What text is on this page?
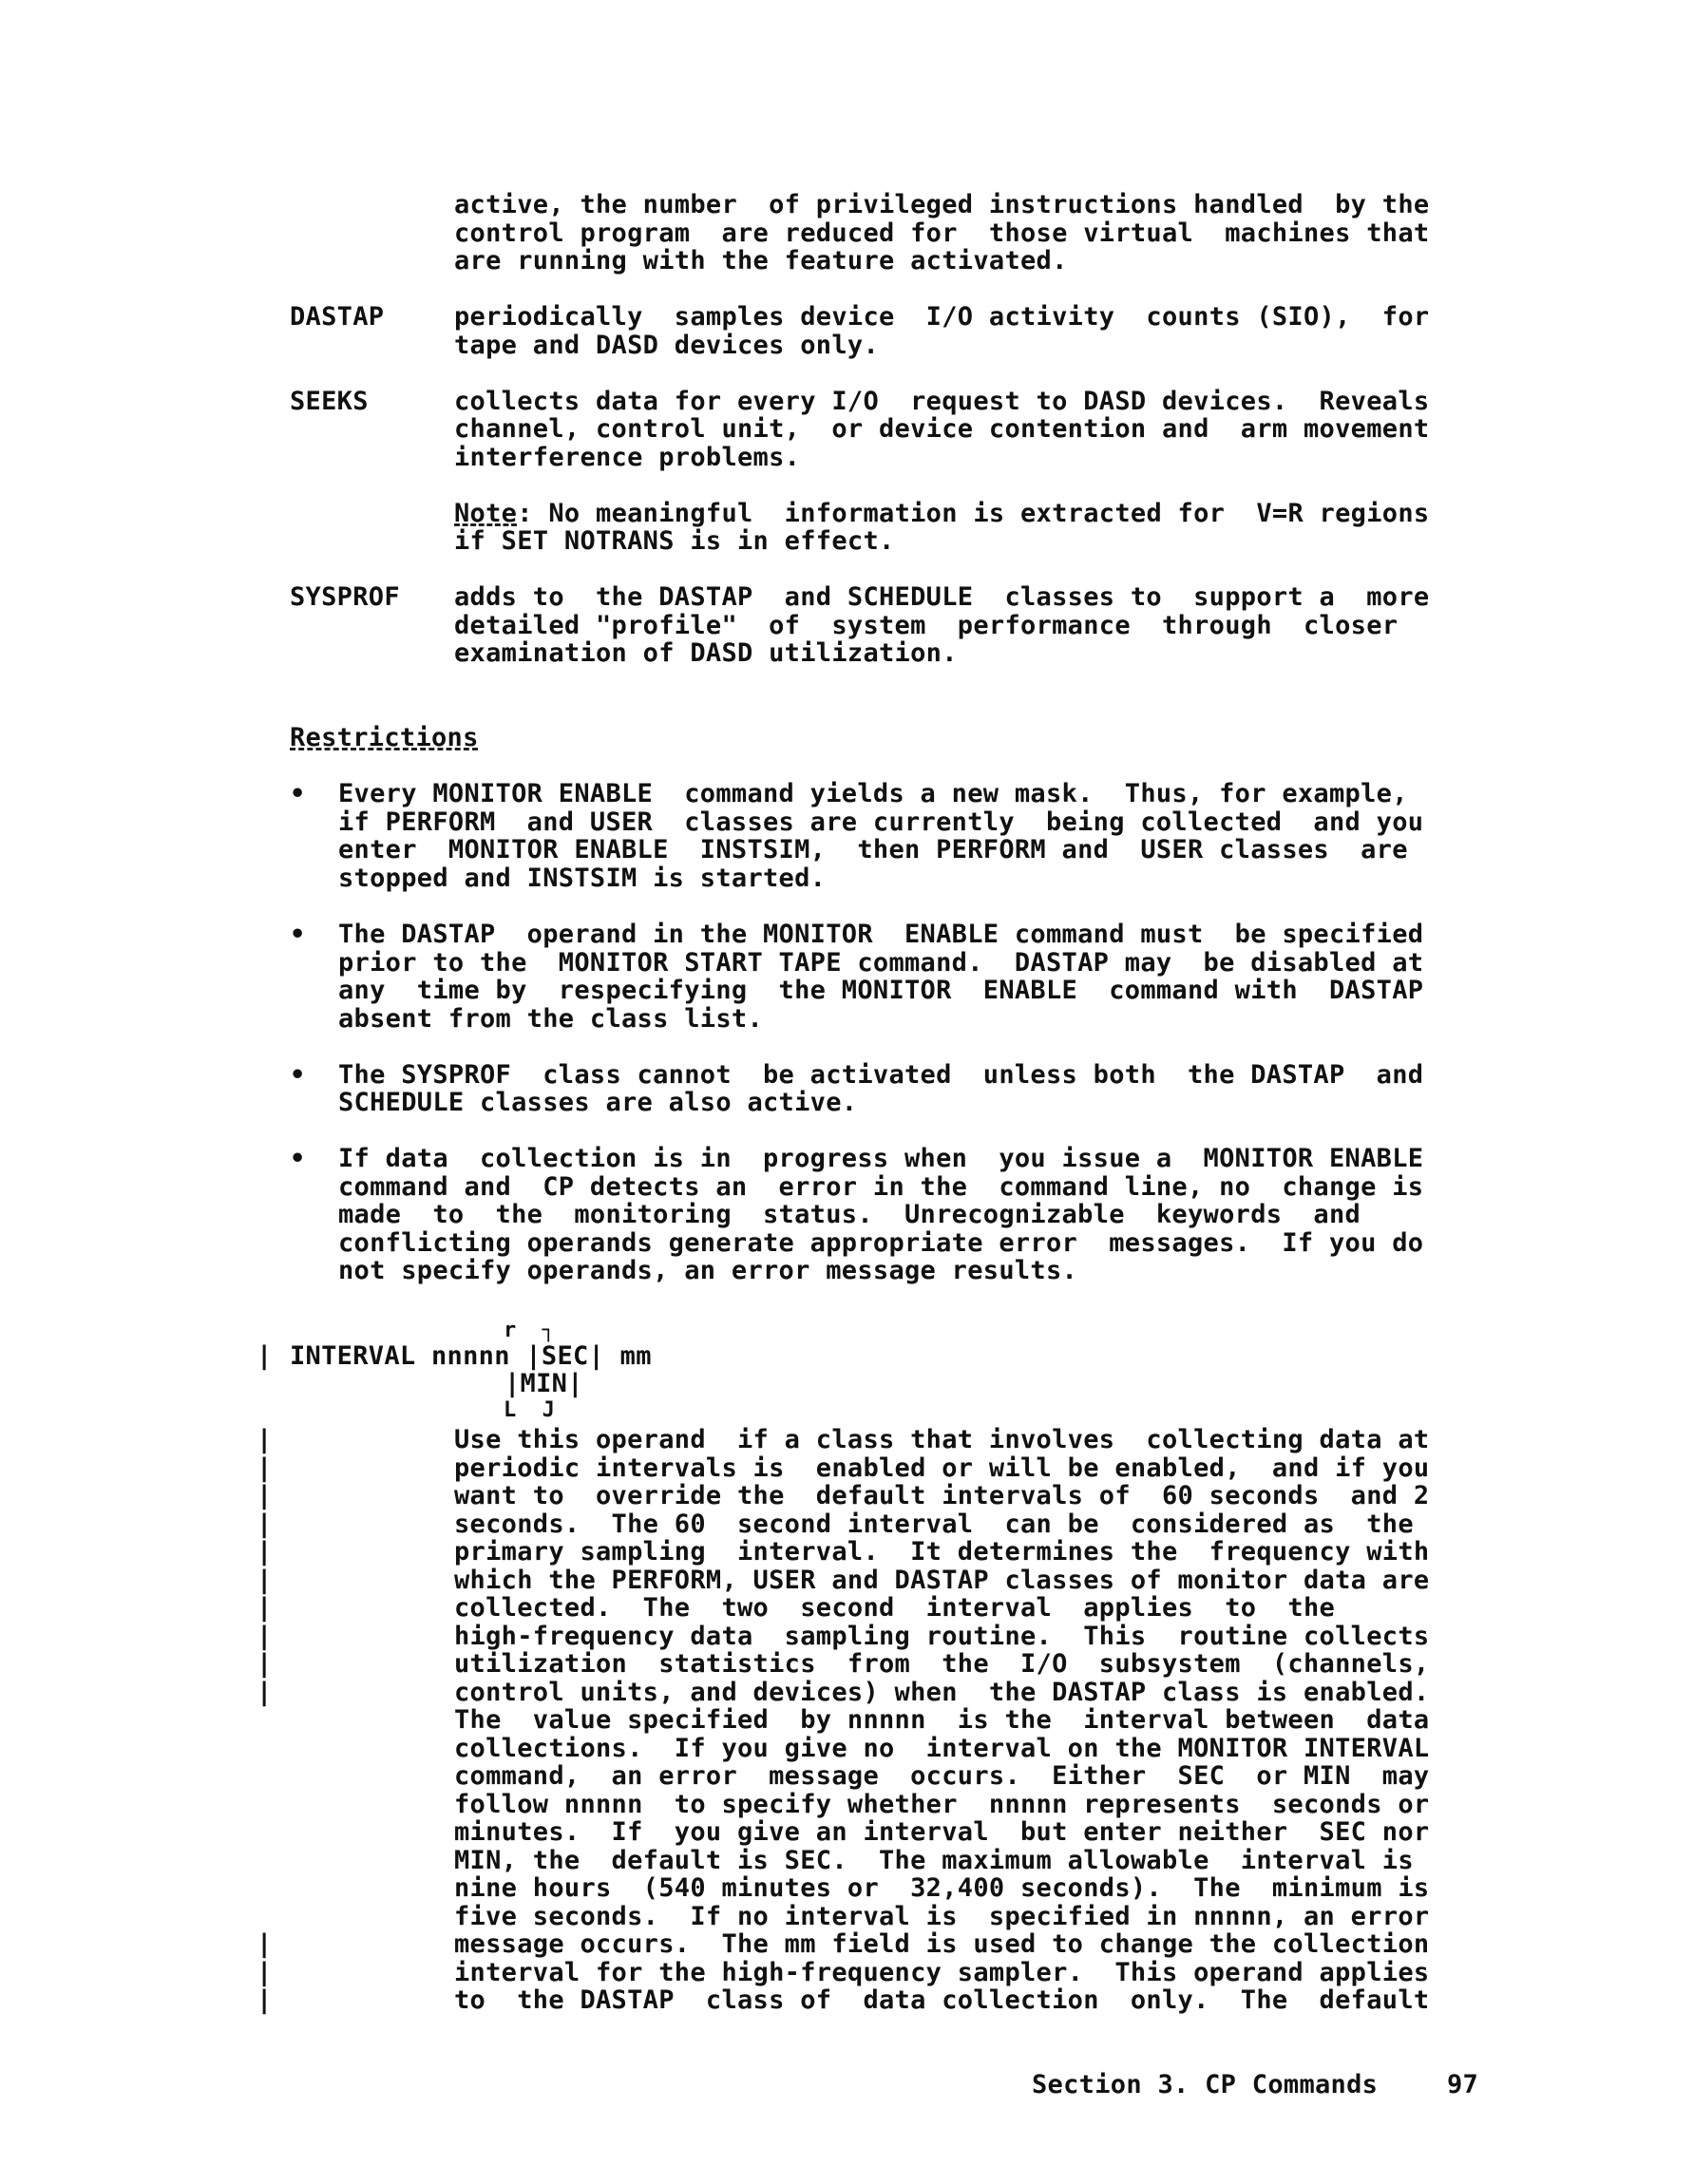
active, the number  of privileged instructions handled  by the
control program  are reduced for  those virtual  machines that
are running with the feature activated.
DASTAP	periodically  samples device  I/O activity  counts (SIO),  for
tape and DASD devices only.
SEEKS	collects data for every I/O  request to DASD devices.  Reveals
channel, control unit,  or device contention and  arm movement
interference problems.
Note: No meaningful  information is extracted for  V=R regions
if SET NOTRANS is in effect.
SYSPROF adds to  the DASTAP  and SCHEDULE  classes to  support a  more
detailed "profile"  of  system  performance  through  closer
examination of DASD utilization.
Restrictions
• Every MONITOR ENABLE  command yields a new mask.  Thus, for example,
if PERFORM  and USER  classes are currently  being collected  and you
enter  MONITOR ENABLE  INSTSIM,  then PERFORM and  USER classes  are
stopped and INSTSIM is started.
• The DASTAP  operand in the MONITOR  ENABLE command must  be specified
prior to the  MONITOR START TAPE command.  DASTAP may  be disabled at
any  time by  respecifying  the MONITOR  ENABLE  command with  DASTAP
absent from the class list.
• The SYSPROF  class cannot  be activated  unless both  the DASTAP  and
SCHEDULE classes are also active.
• If data  collection is in  progress when  you issue a  MONITOR ENABLE
command and  CP detects an  error in the  command line, no  change is
made  to  the  monitoring  status.  Unrecognizable  keywords  and
conflicting operands generate appropriate error  messages.  If you do
not specify operands, an error message results.
r  ┐
| INTERVAL nnnnn |SEC| mm
|MIN|
L  J
|
|
|
|
|
|
|
|
|
|
|
|
|
Use this operand  if a class that involves  collecting data at
periodic intervals is  enabled or will be enabled,  and if you
want to  override the  default intervals of  60 seconds  and 2
seconds.  The 60  second interval  can be  considered as  the
primary sampling  interval.  It determines the  frequency with
which the PERFORM, USER and DASTAP classes of monitor data are
collected.  The  two  second  interval  applies  to  the
high-frequency data  sampling routine.  This  routine collects
utilization  statistics  from  the  I/O  subsystem  (channels,
control units, and devices) when  the DASTAP class is enabled.
The  value specified  by nnnnn  is the  interval between  data
collections.  If you give no  interval on the MONITOR INTERVAL
command,  an error  message  occurs.  Either  SEC  or MIN  may
follow nnnnn  to specify whether  nnnnn represents  seconds or
minutes.  If  you give an interval  but enter neither  SEC nor
MIN, the  default is SEC.  The maximum allowable  interval is
nine hours  (540 minutes or  32,400 seconds).  The  minimum is
five seconds.  If no interval is  specified in nnnnn, an error
message occurs.  The mm field is used to change the collection
interval for the high-frequency sampler.  This operand applies
to  the DASTAP  class of  data collection  only.  The  default
Section 3. CP Commands	97
